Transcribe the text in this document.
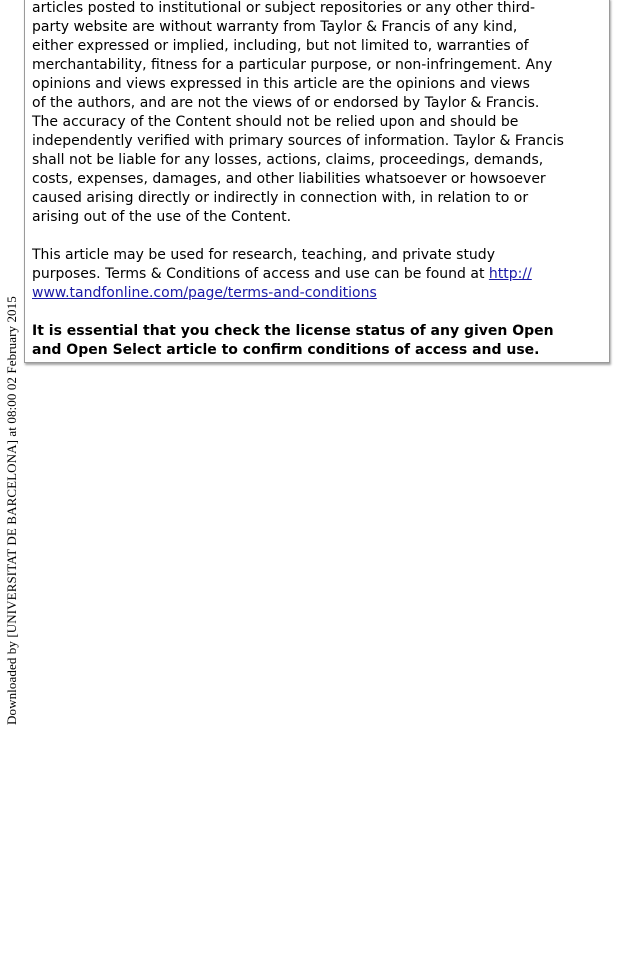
Downloaded by [UNIVERSITAT DE BARCELONA] at 08:00 02 February 2015

articles posted to institutional or subject repositories or any other third-

party website are without warranty from Taylor & Francis of any kind,

either expressed or implied, including, but not limited to, warranties of

merchantability, fitness for a particular purpose, or non-infringement. Any

opinions and views expressed in this article are the opinions and views

of the authors, and are not the views of or endorsed by Taylor & Francis.

The accuracy of the Content should not be relied upon and should be

independently verified with primary sources of information. Taylor & Francis

shall not be liable for any losses, actions, claims, proceedings, demands,

costs, expenses, damages, and other liabilities whatsoever or howsoever

caused arising directly or indirectly in connection with, in relation to or

arising out of the use of the Content.

This article may be used for research, teaching, and private study

purposes. Terms & Conditions of access and use can be found at http://

www.tandfonline.com/page/terms-and-conditions

It is essential that you check the license status of any given Open

and Open Select article to confirm conditions of access and use.
